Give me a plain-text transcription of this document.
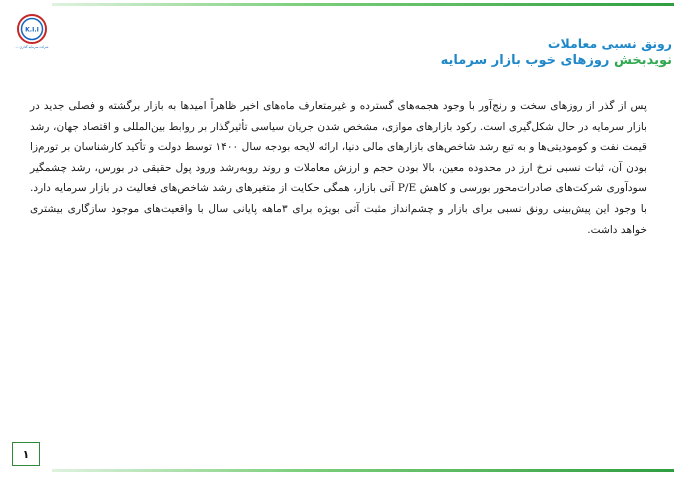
K.I.I
شرکت سرمایه گذاری ...	رونق نسبی معاملات
نویدبخش روزهای خوب بازار سرمایه
پس از گذر از روزهای سخت و رنج‌آور با وجود هجمه‌های گسترده و غیرمتعارف ماه‌های اخیر ظاهراً امیدها به بازار برگشته و فصلی جدید در بازار سرمایه در حال شکل‌گیری است. رکود بازارهای موازی، مشخص شدن جریان سیاسی تأثیرگذار بر روابط بین‌المللی و اقتصاد جهان، رشد قیمت نفت و کومودیتی‌ها و به تبع رشد شاخص‌های بازارهای مالی دنیا، ارائه لایحه بودجه سال ۱۴۰۰ توسط دولت و تأکید کارشناسان بر تورم‌زا بودن آن، ثبات نسبی نرخ ارز در محدوده معین، بالا بودن حجم و ارزش معاملات و روند روبه‌رشد ورود پول حقیقی در بورس، رشد چشمگیر سودآوری شرکت‌های صادرات‌محور بورسی و کاهش P/E آتی بازار، همگی حکایت از متغیرهای رشد شاخص‌های فعالیت در بازار سرمایه دارد. با وجود این پیش‌بینی رونق نسبی برای بازار و چشم‌انداز مثبت آتی بویژه برای ۳ماهه پایانی سال با واقعیت‌های موجود سازگاری بیشتری خواهد داشت.
۱
